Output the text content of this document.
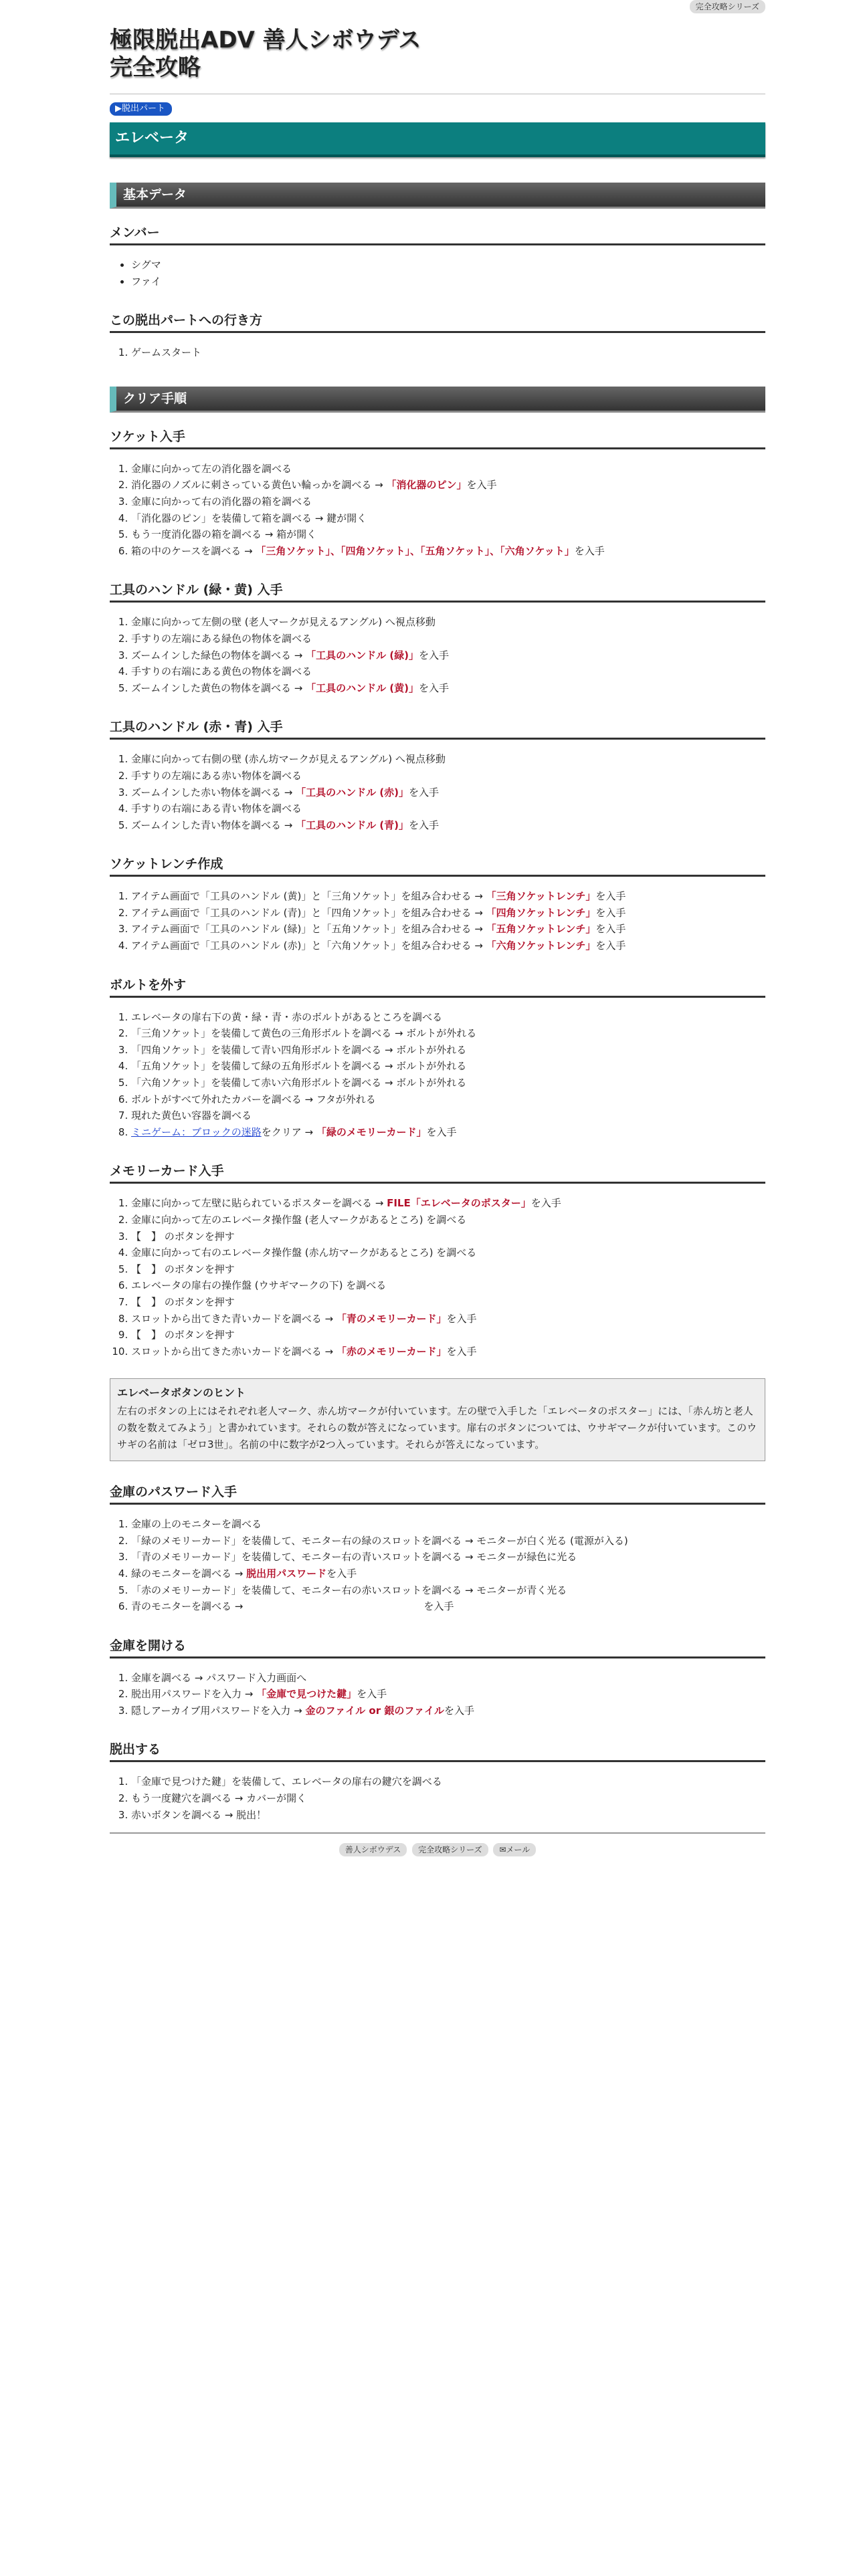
完全攻略シリーズ
極限脱出ADV 善人シボウデス
完全攻略
▶脱出パート
エレベータ
基本データ
メンバー
• シグマ
• ファイ
この脱出パートへの行き方
1. ゲームスタート
クリア手順
ソケット入手
1. 金庫に向かって左の消化器を調べる
2. 消化器のノズルに刺さっている黄色い輪っかを調べる → 「消化器のピン」を入手
3. 金庫に向かって右の消化器の箱を調べる
4. 「消化器のピン」を装備して箱を調べる → 鍵が開く
5. もう一度消化器の箱を調べる → 箱が開く
6. 箱の中のケースを調べる → 「三角ソケット」、「四角ソケット」、「五角ソケット」、「六角ソケット」を入手
工具のハンドル (緑・黄) 入手
1. 金庫に向かって左側の壁 (老人マークが見えるアングル) へ視点移動
2. 手すりの左端にある緑色の物体を調べる
3. ズームインした緑色の物体を調べる → 「工具のハンドル (緑)」を入手
4. 手すりの右端にある黄色の物体を調べる
5. ズームインした黄色の物体を調べる → 「工具のハンドル (黄)」を入手
工具のハンドル (赤・青) 入手
1. 金庫に向かって右側の壁 (赤ん坊マークが見えるアングル) へ視点移動
2. 手すりの左端にある赤い物体を調べる
3. ズームインした赤い物体を調べる → 「工具のハンドル (赤)」を入手
4. 手すりの右端にある青い物体を調べる
5. ズームインした青い物体を調べる → 「工具のハンドル (青)」を入手
ソケットレンチ作成
1. アイテム画面で「工具のハンドル (黄)」と「三角ソケット」を組み合わせる → 「三角ソケットレンチ」を入手
2. アイテム画面で「工具のハンドル (青)」と「四角ソケット」を組み合わせる → 「四角ソケットレンチ」を入手
3. アイテム画面で「工具のハンドル (緑)」と「五角ソケット」を組み合わせる → 「五角ソケットレンチ」を入手
4. アイテム画面で「工具のハンドル (赤)」と「六角ソケット」を組み合わせる → 「六角ソケットレンチ」を入手
ボルトを外す
1. エレベータの扉右下の黄・緑・青・赤のボルトがあるところを調べる
2. 「三角ソケット」を装備して黄色の三角形ボルトを調べる → ボルトが外れる
3. 「四角ソケット」を装備して青い四角形ボルトを調べる → ボルトが外れる
4. 「五角ソケット」を装備して緑の五角形ボルトを調べる → ボルトが外れる
5. 「六角ソケット」を装備して赤い六角形ボルトを調べる → ボルトが外れる
6. ボルトがすべて外れたカバーを調べる → フタが外れる
7. 現れた黄色い容器を調べる
8. ミニゲーム：ブロックの迷路をクリア → 「緑のメモリーカード」を入手
メモリーカード入手
1. 金庫に向かって左壁に貼られているポスターを調べる → FILE「エレベータのポスター」を入手
2. 金庫に向かって左のエレベータ操作盤 (老人マークがあるところ) を調べる
3. 【　】 のボタンを押す
4. 金庫に向かって右のエレベータ操作盤 (赤ん坊マークがあるところ) を調べる
5. 【　】 のボタンを押す
6. エレベータの扉右の操作盤 (ウサギマークの下) を調べる
7. 【　】 のボタンを押す
8. スロットから出てきた青いカードを調べる → 「青のメモリーカード」を入手
9. 【　】 のボタンを押す
10. スロットから出てきた赤いカードを調べる → 「赤のメモリーカード」を入手
エレベータボタンのヒント
左右のボタンの上にはそれぞれ老人マーク、赤ん坊マークが付いています。左の壁で入手した「エレベータのポスター」には、「赤ん坊と老人の数を数えてみよう」と書かれています。それらの数が答えになっています。扉右のボタンについては、ウサギマークが付いています。このウサギの名前は「ゼロ3世」。名前の中に数字が2つ入っています。それらが答えになっています。
金庫のパスワード入手
1. 金庫の上のモニターを調べる
2. 「緑のメモリーカード」を装備して、モニター右の緑のスロットを調べる → モニターが白く光る (電源が入る)
3. 「青のメモリーカード」を装備して、モニター右の青いスロットを調べる → モニターが緑色に光る
4. 緑のモニターを調べる → 脱出用パスワードを入手
5. 「赤のメモリーカード」を装備して、モニター右の赤いスロットを調べる → モニターが青く光る
6. 青のモニターを調べる →　　　　　　　　　　　　　　　　　　を入手
金庫を開ける
1. 金庫を調べる → パスワード入力画面へ
2. 脱出用パスワードを入力 → 「金庫で見つけた鍵」を入手
3. 隠しアーカイブ用パスワードを入力 → 金のファイル or 銀のファイルを入手
脱出する
1. 「金庫で見つけた鍵」を装備して、エレベータの扉右の鍵穴を調べる
2. もう一度鍵穴を調べる → カバーが開く
3. 赤いボタンを調べる → 脱出！
善人シボウデス 完全攻略シリーズ ✉メール
